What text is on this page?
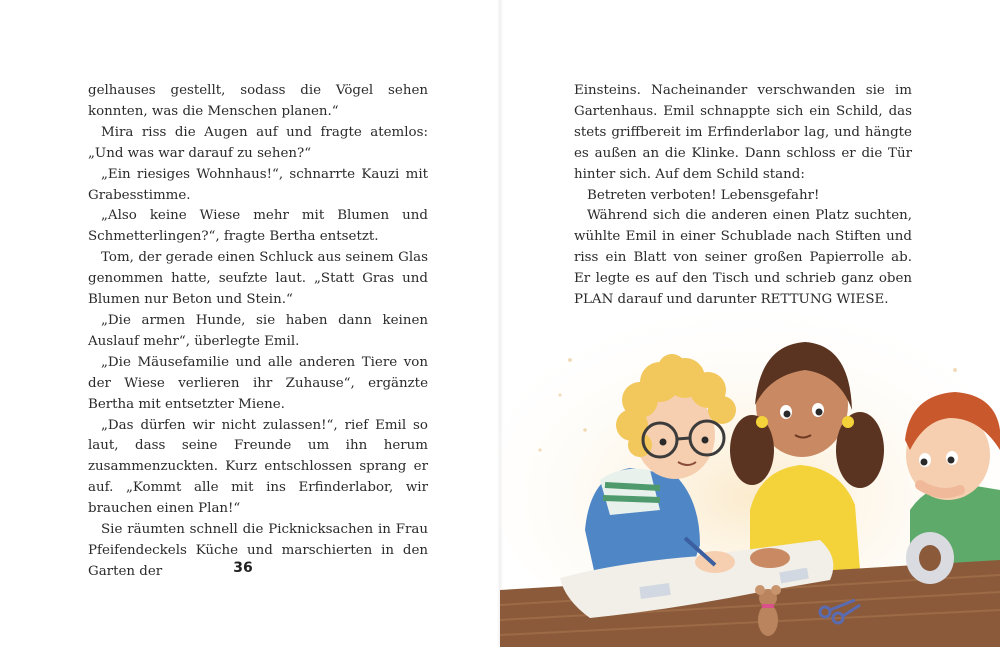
gelhauses gestellt, sodass die Vögel sehen konnten, was die Menschen planen.“

Mira riss die Augen auf und fragte atemlos: „Und was war darauf zu sehen?“

„Ein riesiges Wohnhaus!“, schnarrte Kauzi mit Grabesstimme.

„Also keine Wiese mehr mit Blumen und Schmetterlingen?“, fragte Bertha entsetzt.

Tom, der gerade einen Schluck aus seinem Glas genommen hatte, seufzte laut. „Statt Gras und Blumen nur Beton und Stein.“

„Die armen Hunde, sie haben dann keinen Auslauf mehr“, überlegte Emil.

„Die Mäusefamilie und alle anderen Tiere von der Wiese verlieren ihr Zuhause“, ergänzte Bertha mit entsetzter Miene.

„Das dürfen wir nicht zulassen!“, rief Emil so laut, dass seine Freunde um ihn herum zusammenzuckten. Kurz entschlossen sprang er auf. „Kommt alle mit ins Erfinderlabor, wir brauchen einen Plan!“

Sie räumten schnell die Picknicksachen in Frau Pfeifendeckels Küche und marschierten in den Garten der	36

Einsteins. Nacheinander verschwanden sie im Gartenhaus. Emil schnappte sich ein Schild, das stets griffbereit im Erfinderlabor lag, und hängte es außen an die Klinke. Dann schloss er die Tür hinter sich. Auf dem Schild stand:

Betreten verboten! Lebensgefahr!

Während sich die anderen einen Platz suchten, wühlte Emil in einer Schublade nach Stiften und riss ein Blatt von seiner großen Papierrolle ab. Er legte es auf den Tisch und schrieb ganz oben PLAN darauf und darunter RETTUNG WIESE.
